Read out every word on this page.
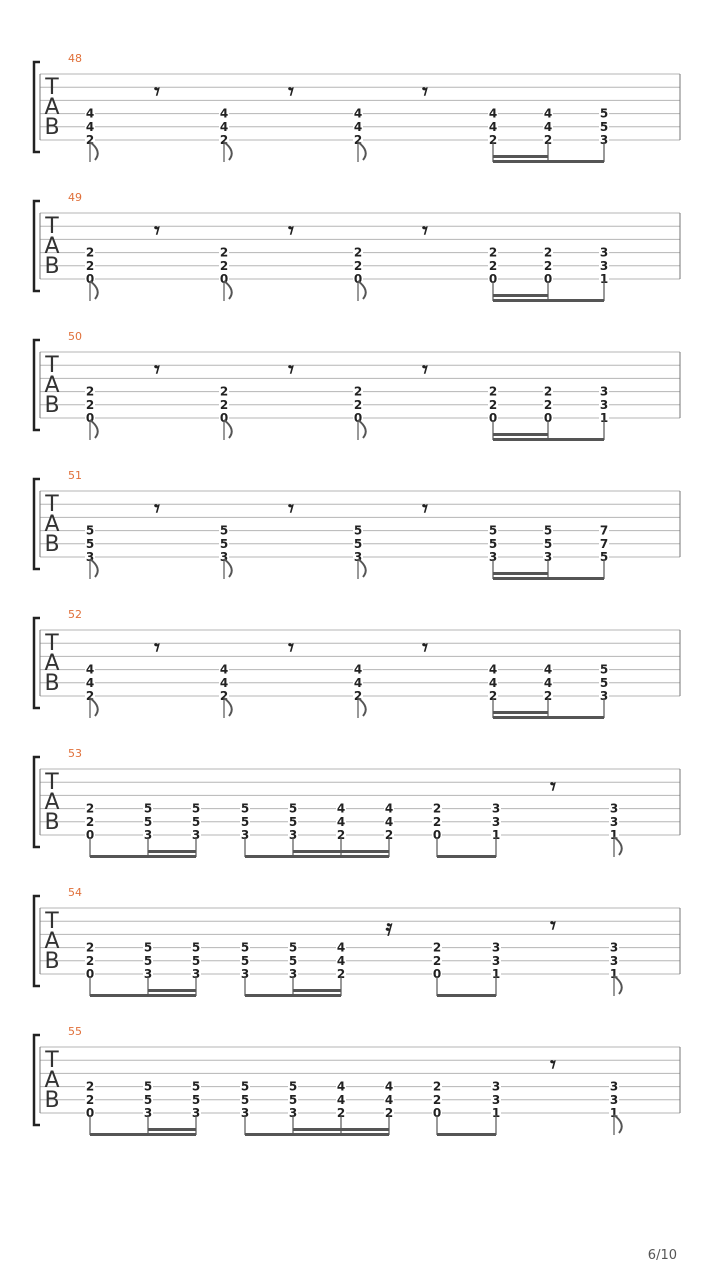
48
T
A
B
4
4
2
𝄾
4
4
2
𝄾
4
4
2
𝄾
4
4
2
4
4
2
5
5
3
49
T
A
B
2
2
0
𝄾
2
2
0
𝄾
2
2
0
𝄾
2
2
0
2
2
0
3
3
1
50
T
A
B
2
2
0
𝄾
2
2
0
𝄾
2
2
0
𝄾
2
2
0
2
2
0
3
3
1
51
T
A
B
5
5
3
𝄾
5
5
3
𝄾
5
5
3
𝄾
5
5
3
5
5
3
7
7
5
52
T
A
B
4
4
2
𝄾
4
4
2
𝄾
4
4
2
𝄾
4
4
2
4
4
2
5
5
3
53
T
A
B
2
2
0
5
5
3
5
5
3
5
5
3
5
5
3
4
4
2
4
4
2
2
2
0
3
3
1
𝄾
3
3
1
54
T
A
B
2
2
0
5
5
3
5
5
3
5
5
3
5
5
3
4
4
2
𝄿
2
2
0
3
3
1
𝄾
3
3
1
55
T
A
B
2
2
0
5
5
3
5
5
3
5
5
3
5
5
3
4
4
2
4
4
2
2
2
0
3
3
1
𝄾
3
3
1
6/10
